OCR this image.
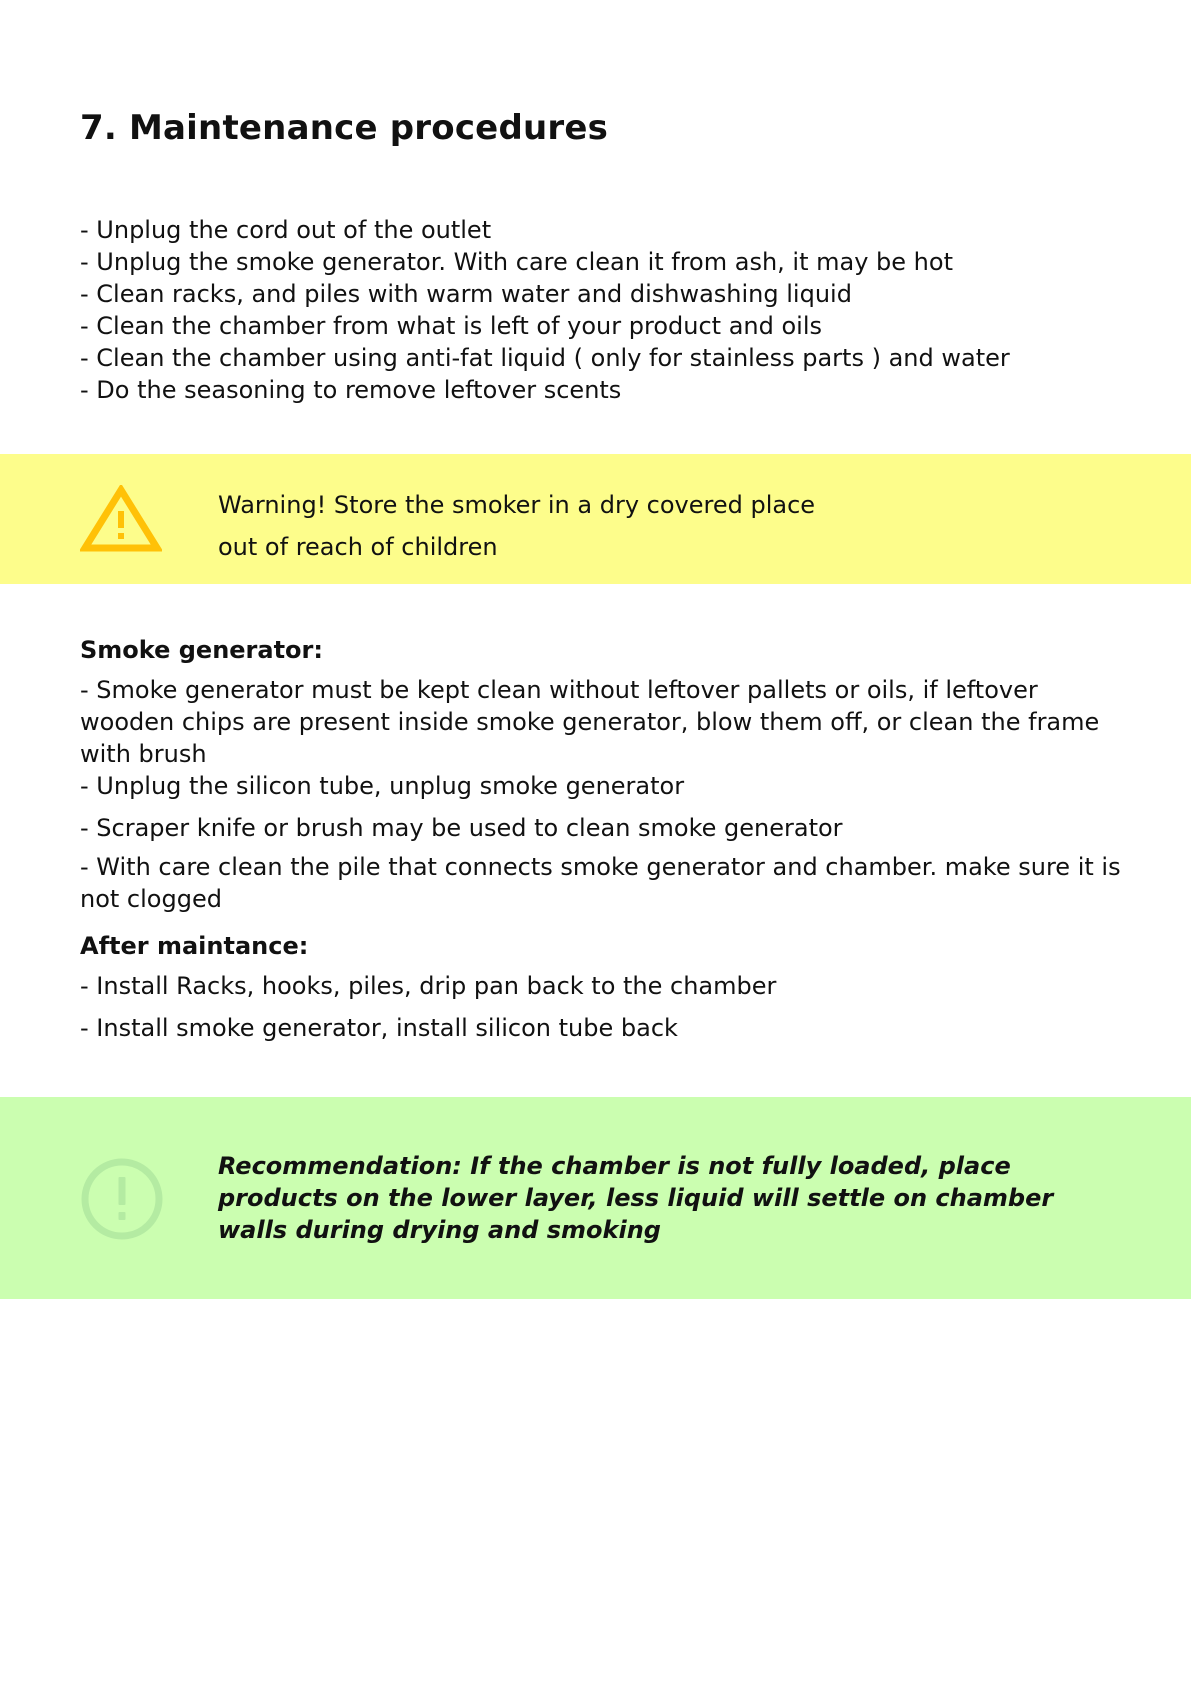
7. Maintenance procedures
- Unplug the cord out of the outlet
- Unplug the smoke generator. With care clean it from ash, it may be hot
- Clean racks, and piles with warm water and dishwashing liquid
- Clean the chamber from what is left of your product and oils
- Clean the chamber using anti-fat liquid ( only for stainless parts ) and water
- Do the seasoning to remove leftover scents
Warning! Store the smoker in a dry covered place
out of reach of children
Smoke generator:
- Smoke generator must be kept clean without leftover pallets or oils, if leftover wooden chips are present inside smoke generator, blow them off, or clean the frame with brush
- Unplug the silicon tube, unplug smoke generator
- Scraper knife or brush may be used to clean smoke generator
- With care clean the pile that connects smoke generator and chamber. make sure it is not clogged
After maintance:
- Install Racks, hooks, piles, drip pan back to the chamber
- Install smoke generator, install silicon tube back
Recommendation: If the chamber is not fully loaded, place products on the lower layer, less liquid will settle on chamber walls during drying and smoking
